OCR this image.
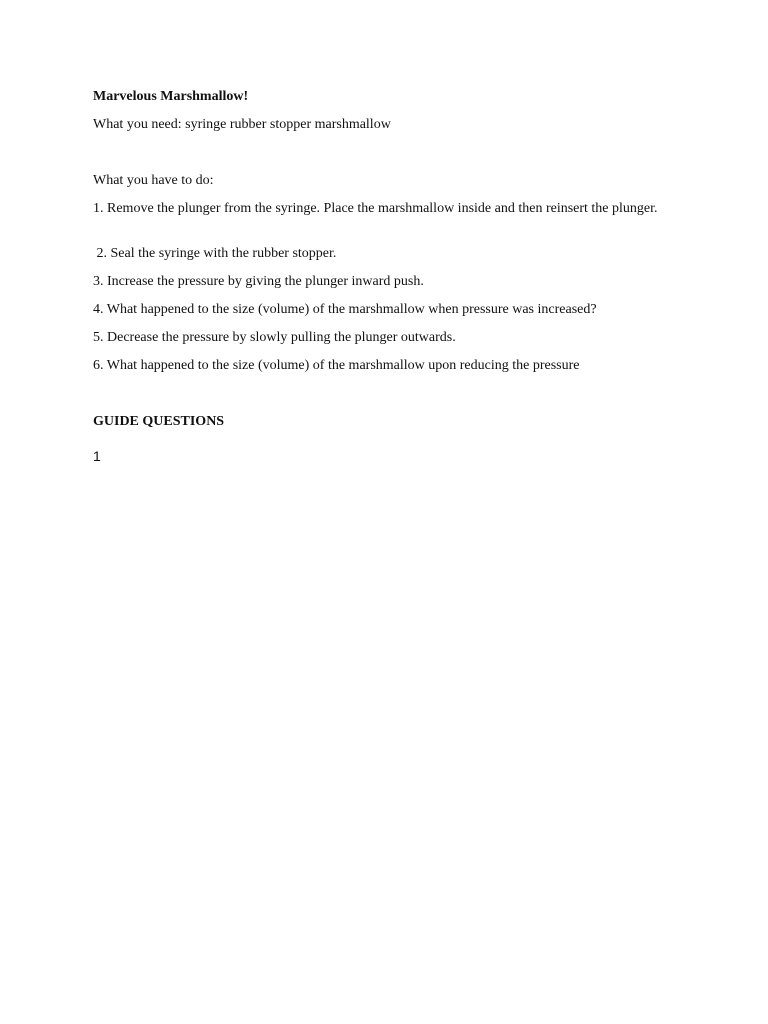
Marvelous Marshmallow!
What you need: syringe rubber stopper marshmallow
What you have to do:
1. Remove the plunger from the syringe. Place the marshmallow inside and then reinsert the plunger.
2. Seal the syringe with the rubber stopper.
3. Increase the pressure by giving the plunger inward push.
4. What happened to the size (volume) of the marshmallow when pressure was increased?
5. Decrease the pressure by slowly pulling the plunger outwards.
6. What happened to the size (volume) of the marshmallow upon reducing the pressure
GUIDE QUESTIONS
1
